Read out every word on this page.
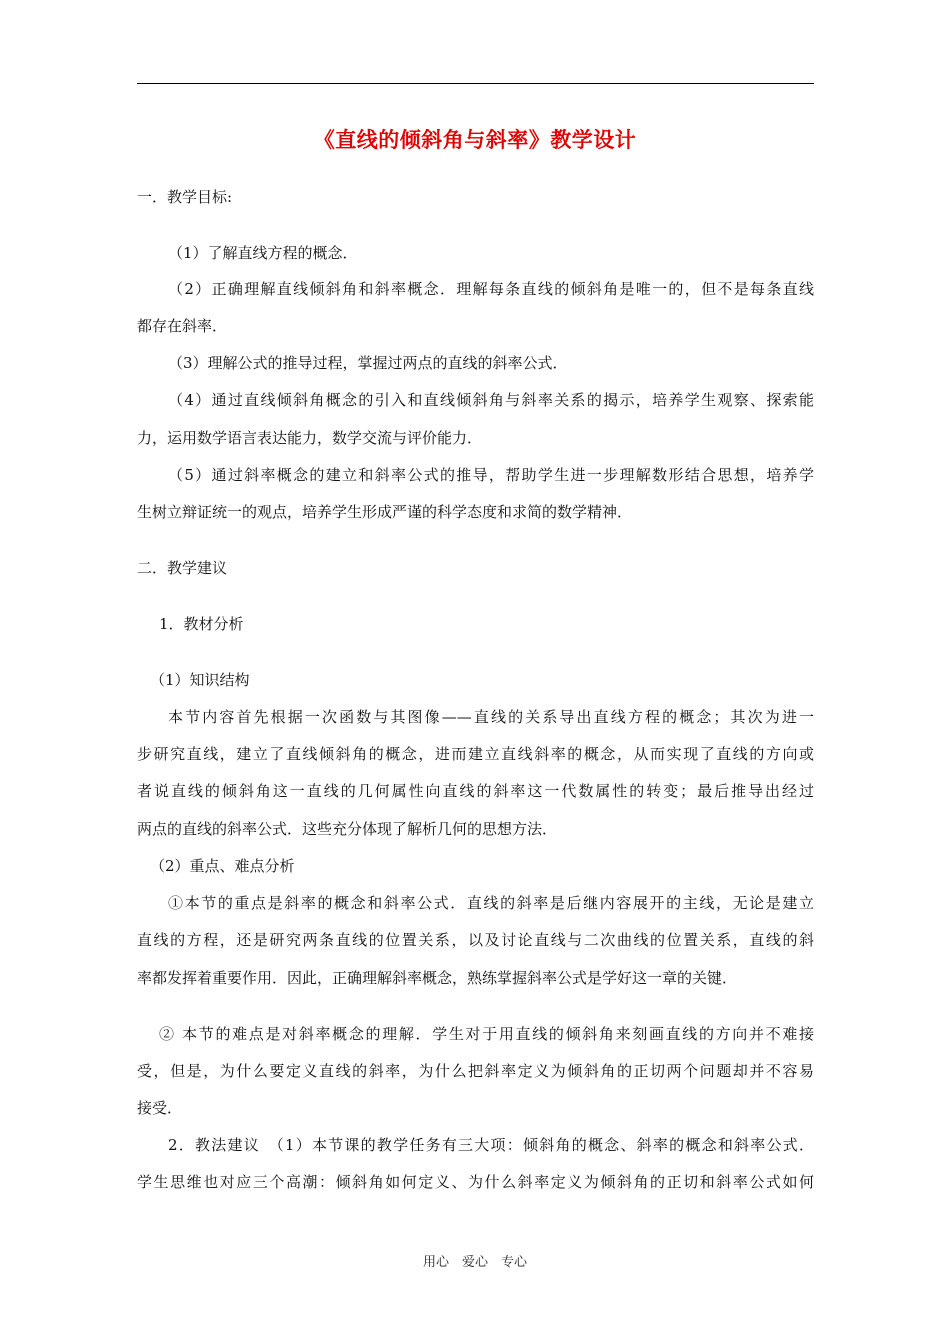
《直线的倾斜角与斜率》教学设计
一．教学目标:
（1）了解直线方程的概念．
（2）正确理解直线倾斜角和斜率概念．理解每条直线的倾斜角是唯一的，但不是每条直线
都存在斜率．
（3）理解公式的推导过程，掌握过两点的直线的斜率公式．
（4）通过直线倾斜角概念的引入和直线倾斜角与斜率关系的揭示，培养学生观察、探索能
力，运用数学语言表达能力，数学交流与评价能力．
（5）通过斜率概念的建立和斜率公式的推导，帮助学生进一步理解数形结合思想，培养学
生树立辩证统一的观点，培养学生形成严谨的科学态度和求简的数学精神．
二．教学建议
1．教材分析
（1）知识结构
本节内容首先根据一次函数与其图像——直线的关系导出直线方程的概念；其次为进一
步研究直线，建立了直线倾斜角的概念，进而建立直线斜率的概念，从而实现了直线的方向或
者说直线的倾斜角这一直线的几何属性向直线的斜率这一代数属性的转变；最后推导出经过
两点的直线的斜率公式．这些充分体现了解析几何的思想方法．
（2）重点、难点分析
①本节的重点是斜率的概念和斜率公式．直线的斜率是后继内容展开的主线，无论是建立
直线的方程，还是研究两条直线的位置关系，以及讨论直线与二次曲线的位置关系，直线的斜
率都发挥着重要作用．因此，正确理解斜率概念，熟练掌握斜率公式是学好这一章的关键．
② 本节的难点是对斜率概念的理解．学生对于用直线的倾斜角来刻画直线的方向并不难接
受，但是，为什么要定义直线的斜率，为什么把斜率定义为倾斜角的正切两个问题却并不容易
接受．
2．教法建议　（1）本节课的教学任务有三大项：倾斜角的概念、斜率的概念和斜率公式．
学生思维也对应三个高潮：倾斜角如何定义、为什么斜率定义为倾斜角的正切和斜率公式如何
用心　爱心　专心
